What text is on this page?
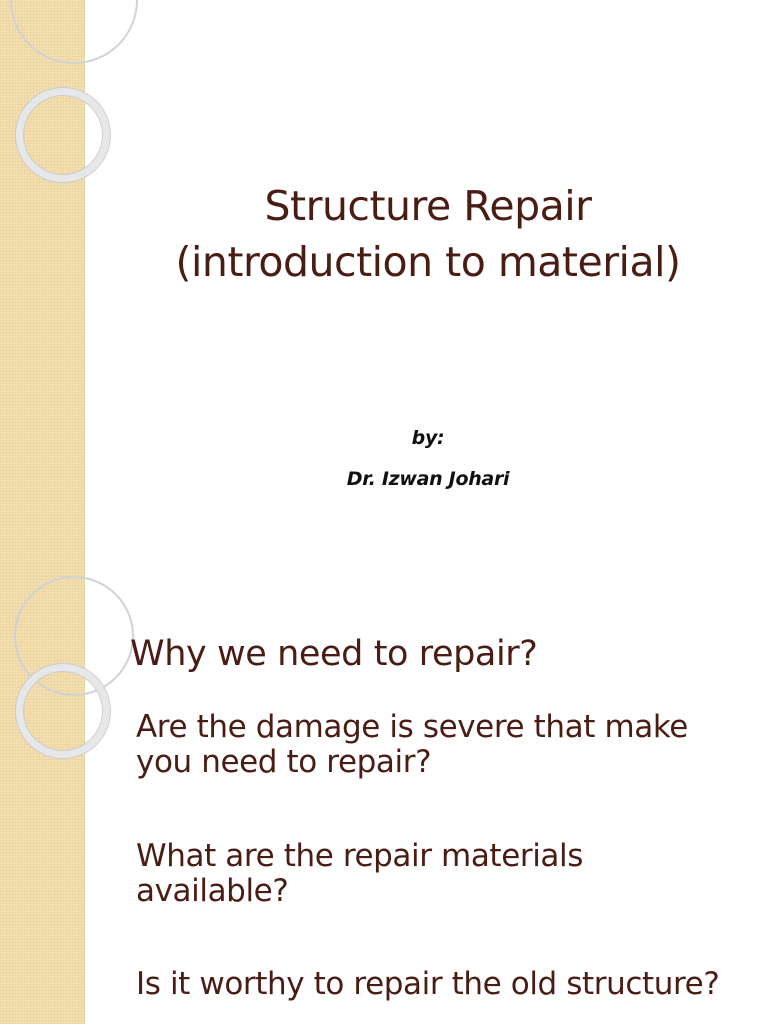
Structure Repair
(introduction to material)
by:
Dr. Izwan Johari
Why we need to repair?
Are the damage is severe that make you need to repair?
What are the repair materials available?
Is it worthy to repair the old structure?
